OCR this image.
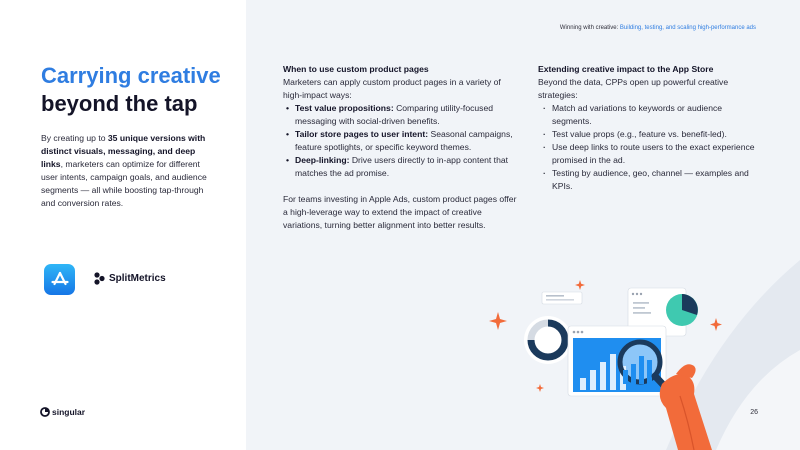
Carrying creative
beyond the tap

By creating up to 35 unique versions with distinct visuals, messaging, and deep links, marketers can optimize for different user intents, campaign goals, and audience segments — all while boosting tap-through and conversion rates.

SplitMetrics
singular
Winning with creative: Building, testing, and scaling high-performance ads
When to use custom product pages

Marketers can apply custom product pages in a variety of high-impact ways:

• Test value propositions: Comparing utility-focused messaging with social-driven benefits.
• Tailor store pages to user intent: Seasonal campaigns, feature spotlights, or specific keyword themes.
• Deep-linking: Drive users directly to in-app content that matches the ad promise.

For teams investing in Apple Ads, custom product pages offer a high-leverage way to extend the impact of creative variations, turning better alignment into better results.

Extending creative impact to the App Store

Beyond the data, CPPs open up powerful creative strategies:

· Match ad variations to keywords or audience segments.
· Test value props (e.g., feature vs. benefit-led).
· Use deep links to route users to the exact experience promised in the ad.
· Testing by audience, geo, channel — examples and KPIs.
26
